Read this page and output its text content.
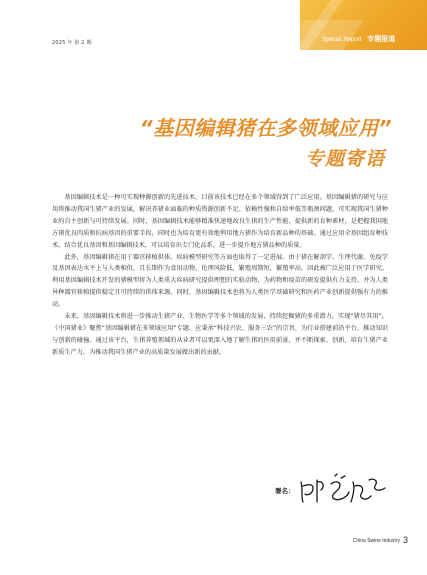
2025 年 第 2 期	Special Report 专题报道
“基因编辑猪在多领域应用”
专题寄语

基因编辑技术是一种可实现种源创新的先进技术，目前该技术已经在多个领域得到了广泛应用。基因编辑猪的研究与应用将推动我国生猪产业的发展，解决养猪业面临的种质资源创新不足、依赖性强和自给率低等瓶颈问题，可实现我国生猪种业的自主创新与可持续发展。同时，基因编辑技术能够精准快速地改良生猪的生产性能，提供新的育种素材，是把握我国地方猪优良肉质和抗病基因的重要手段，同时也为培育更有效地利用地方猪作为培育新品种的基础。通过应用全基因组育种技术，结合优良基因和基因编辑技术，可以培育出专门化品系，进一步提升地方猪品种的质量。

此外，基因编辑猪在用于器官移植供体、疾病模型研究等方面也取得了一定进展。由于猪在解剖学、生理代谢、免疫学及基因表达水平上与人类相似，且长期作为食用动物，伦理风险低，繁殖周期短，繁殖率高，因此被广泛应用于医学研究。利用基因编辑技术开发的猪模型将为人类重大疾病研究提供理想的实验动物，为药物和疫苗的研发提供有力支持，并为人类异种器官移植提供稳定且可持续的供体来源。同时，基因编辑技术也将为人类医学基础研究和医药产业创新提供强有力的推动。

未来，基因编辑技术将进一步推动生猪产业、生物医学等多个领域的发展，持续挖掘猪的多重潜力，实现“猪尽其用”。《中国猪业》聚焦“基因编辑猪在多领域应用”专题，应秉承“科技兴农、服务三农”的宗旨，为行业搭建前沿平台，推动知识与创新的碰撞。通过该平台，生猪养殖领域的从业者可以更深入地了解生猪的医用前景，并不断探索、创新，培育生猪产业新质生产力，为推动我国生猪产业的高质量发展做出新的贡献。

署名：
China Swine Industry 3
